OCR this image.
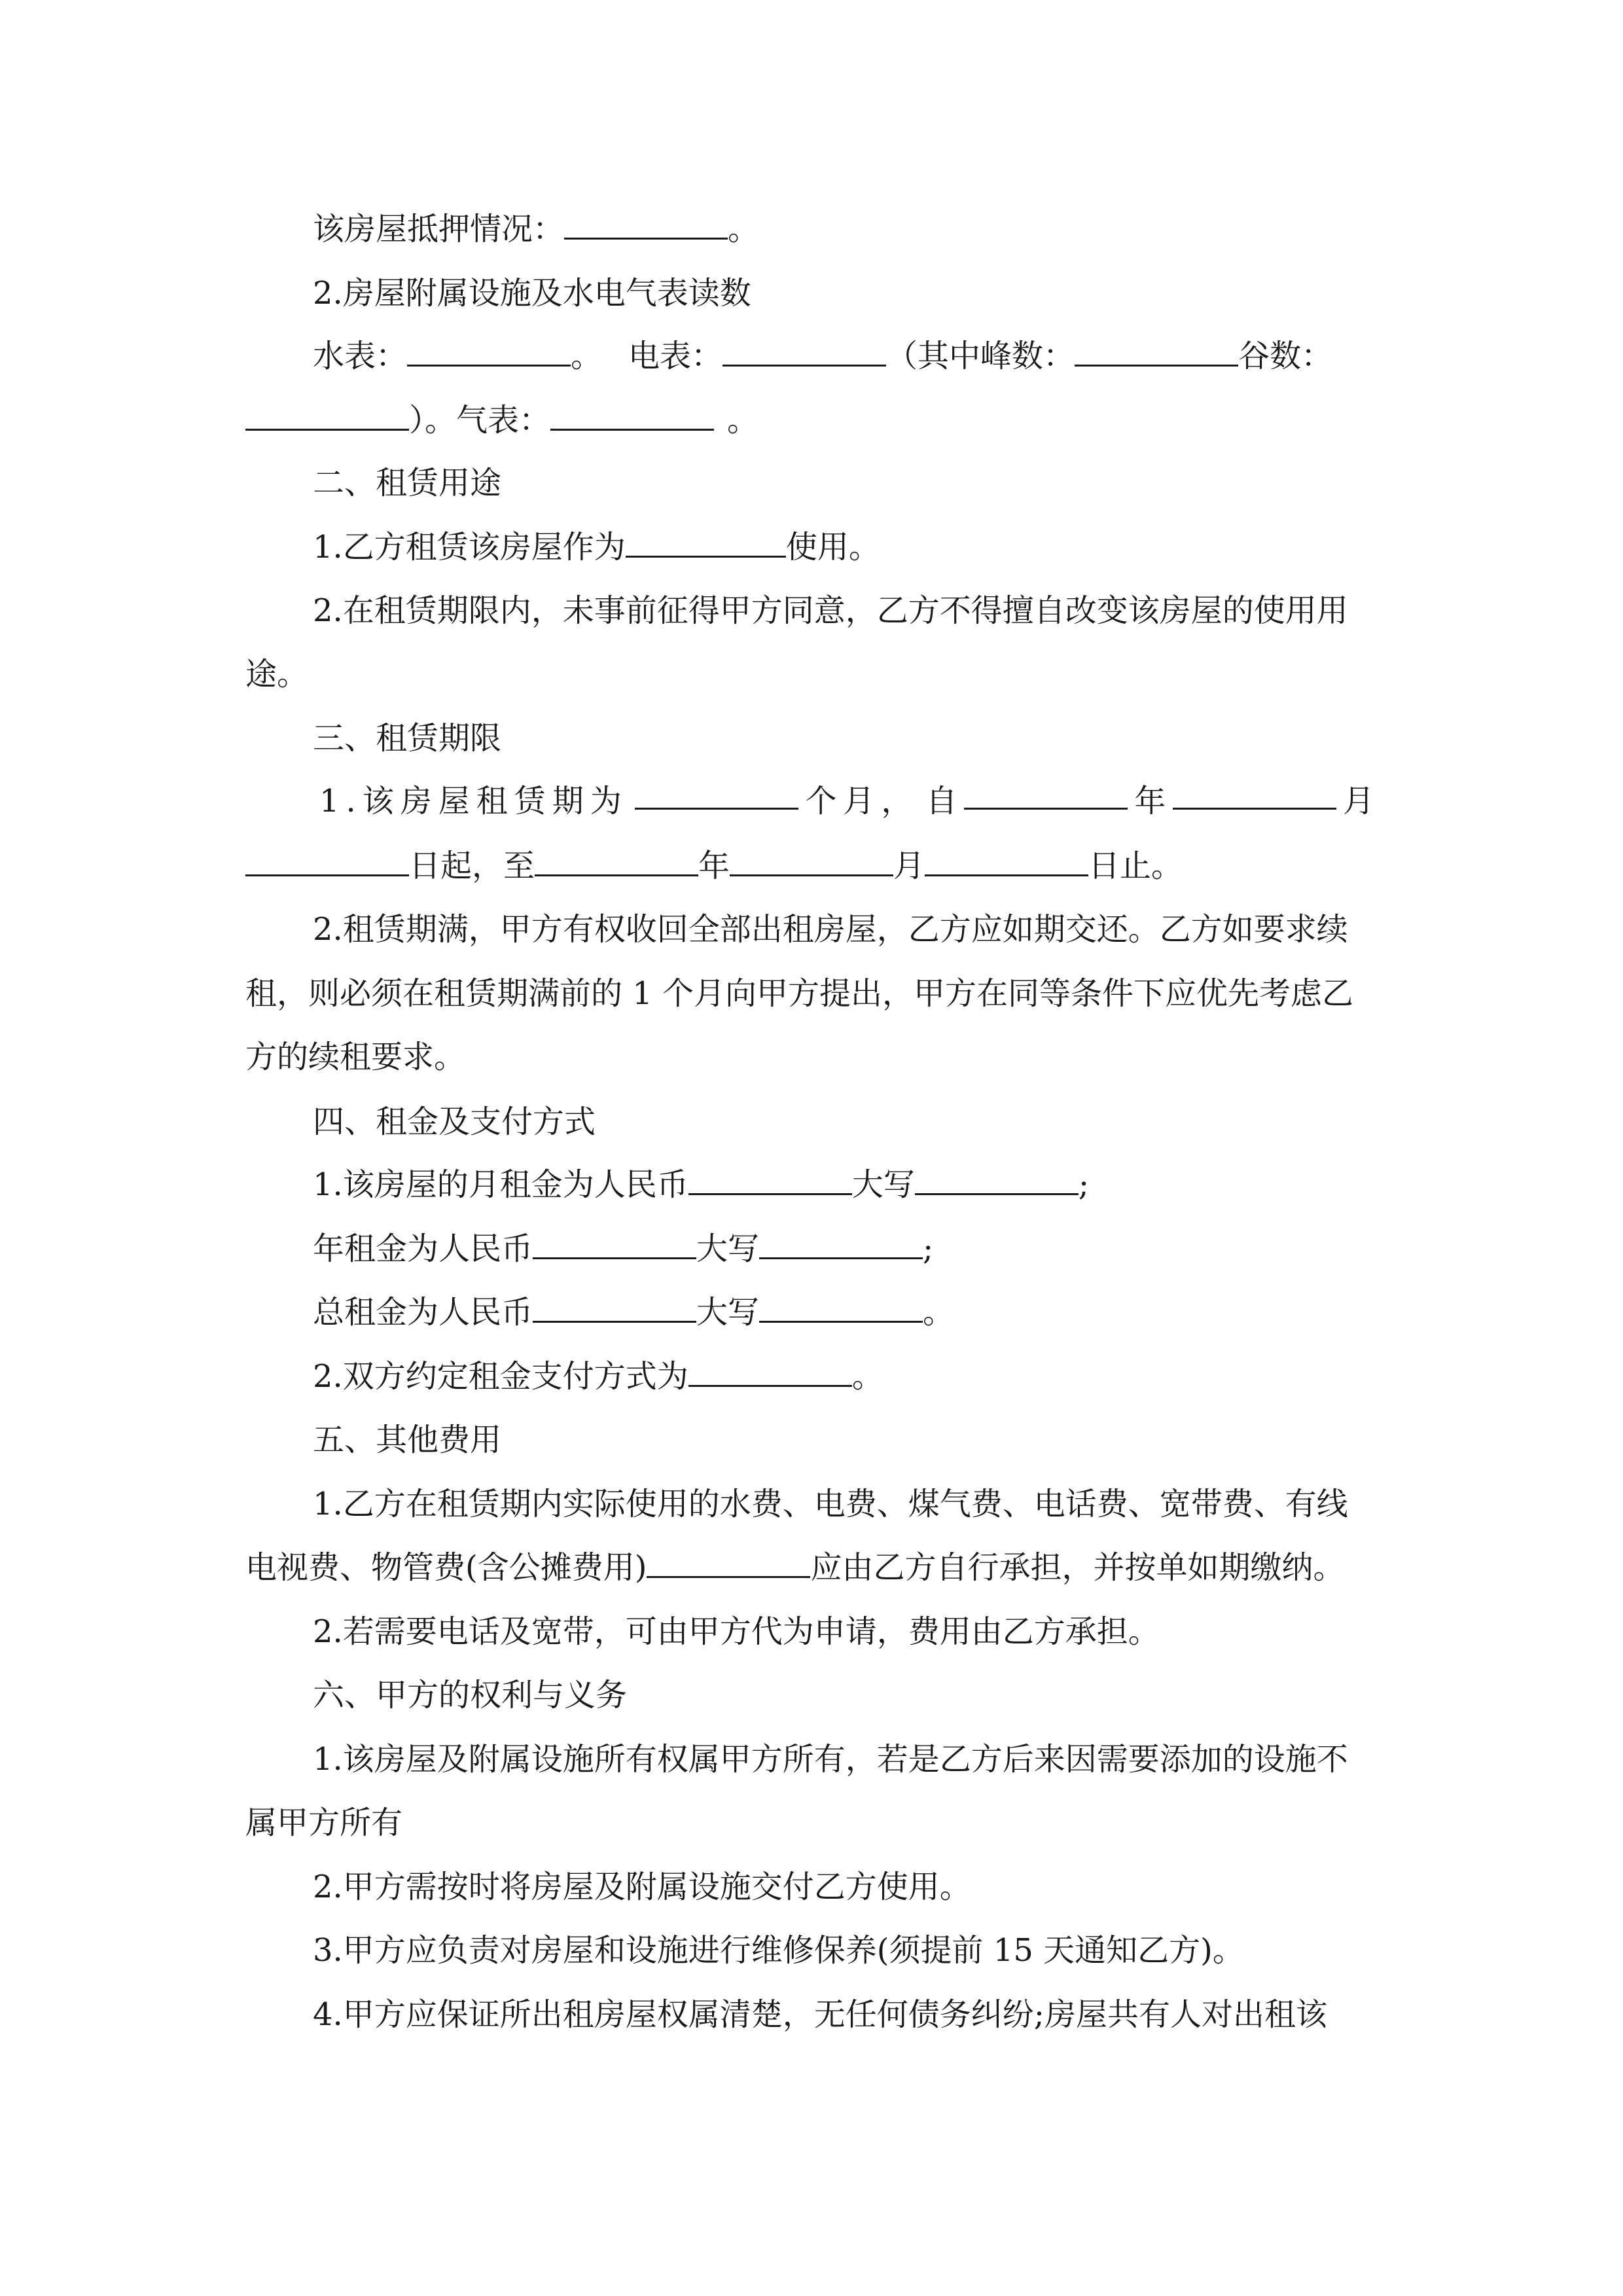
该房屋抵押情况：	。
2.房屋附属设施及水电气表读数
水表：	。 电表：	（其中峰数：	谷数：
）。气表：	。
二、租赁用途
1.乙方租赁该房屋作为	使用。
2.在租赁期限内，未事前征得甲方同意，乙方不得擅自改变该房屋的使用用
途。
三、租赁期限
1.该房屋租赁期为	个月， 自	年	月
日起，至	年	月	日止。
2.租赁期满，甲方有权收回全部出租房屋，乙方应如期交还。乙方如要求续
租，则必须在租赁期满前的 1 个月向甲方提出，甲方在同等条件下应优先考虑乙
方的续租要求。
四、租金及支付方式
1.该房屋的月租金为人民币	大写	;
年租金为人民币	大写	;
总租金为人民币	大写	。
2.双方约定租金支付方式为	。
五、其他费用
1.乙方在租赁期内实际使用的水费、电费、煤气费、电话费、宽带费、有线
电视费、物管费(含公摊费用)	应由乙方自行承担，并按单如期缴纳。
2.若需要电话及宽带，可由甲方代为申请，费用由乙方承担。
六、甲方的权利与义务
1.该房屋及附属设施所有权属甲方所有，若是乙方后来因需要添加的设施不
属甲方所有
2.甲方需按时将房屋及附属设施交付乙方使用。
3.甲方应负责对房屋和设施进行维修保养(须提前 15 天通知乙方)。
4.甲方应保证所出租房屋权属清楚，无任何债务纠纷;房屋共有人对出租该
